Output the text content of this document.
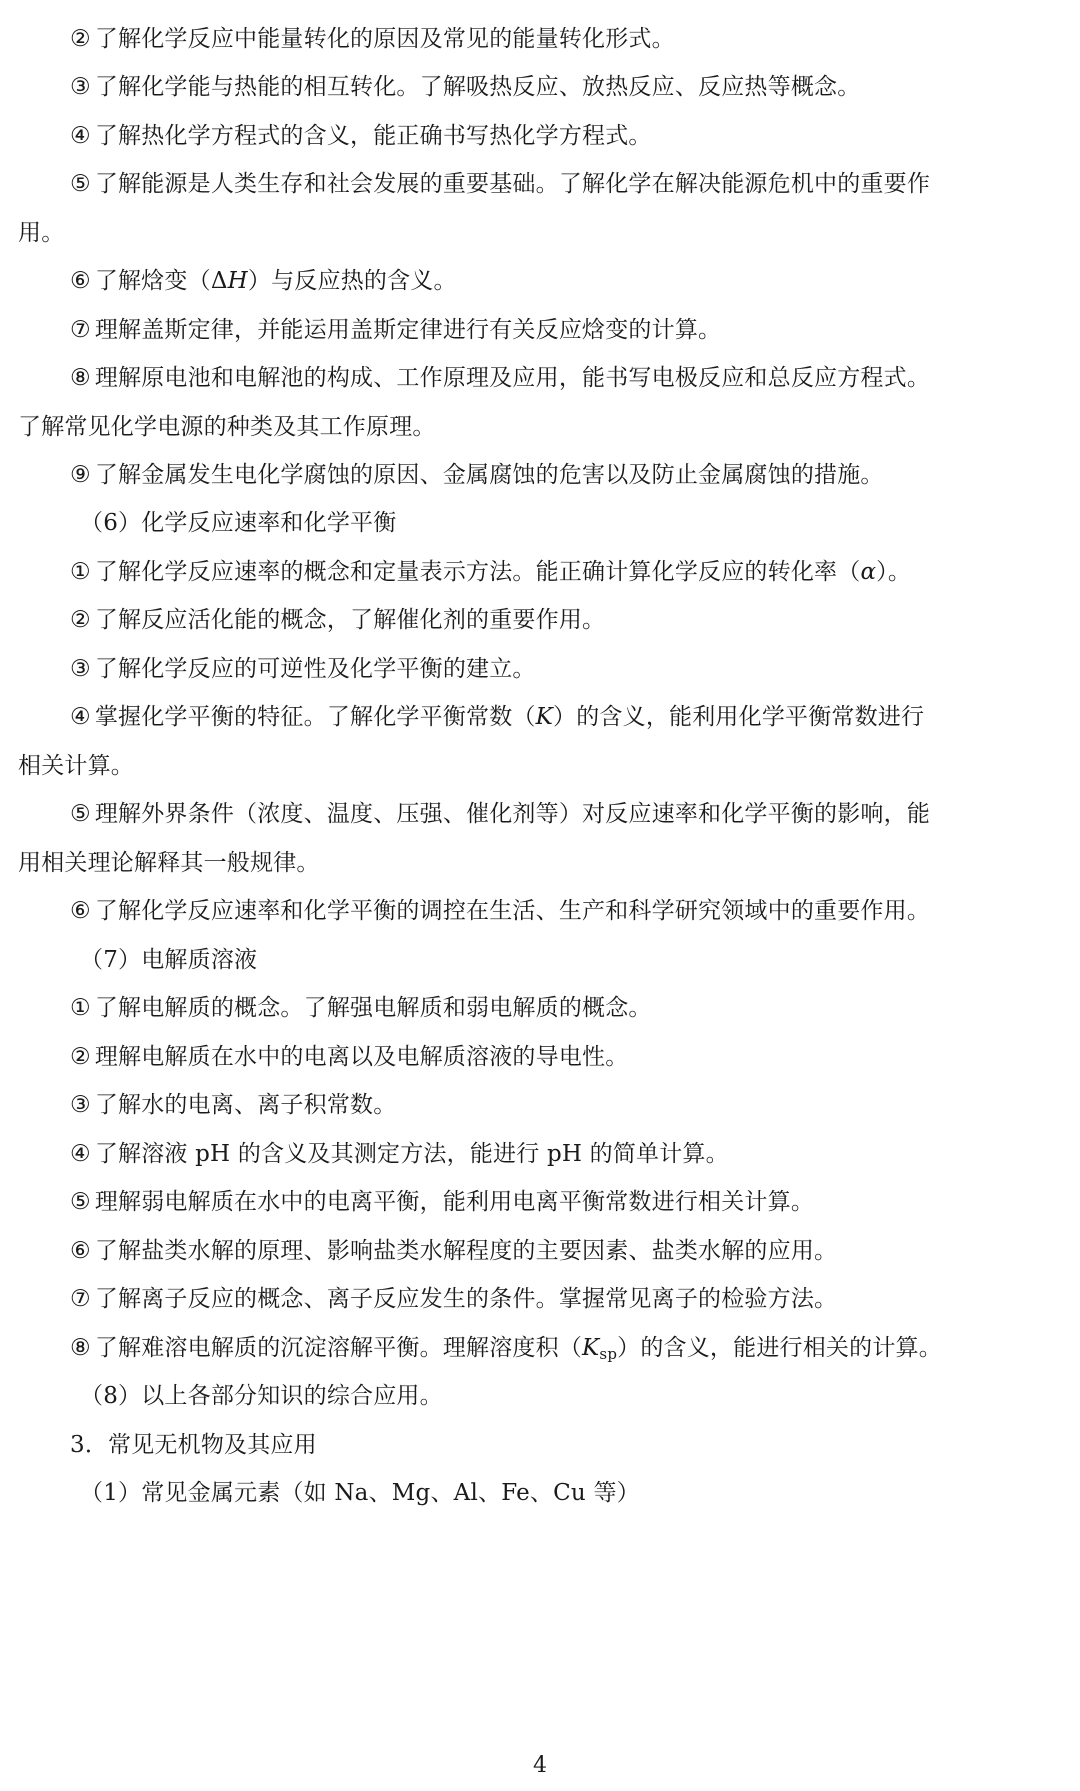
② 了解化学反应中能量转化的原因及常见的能量转化形式。
③ 了解化学能与热能的相互转化。了解吸热反应、放热反应、反应热等概念。
④ 了解热化学方程式的含义，能正确书写热化学方程式。
⑤ 了解能源是人类生存和社会发展的重要基础。了解化学在解决能源危机中的重要作
用。
⑥ 了解焓变（ΔH）与反应热的含义。
⑦ 理解盖斯定律，并能运用盖斯定律进行有关反应焓变的计算。
⑧ 理解原电池和电解池的构成、工作原理及应用，能书写电极反应和总反应方程式。
了解常见化学电源的种类及其工作原理。
⑨ 了解金属发生电化学腐蚀的原因、金属腐蚀的危害以及防止金属腐蚀的措施。
（6）化学反应速率和化学平衡
① 了解化学反应速率的概念和定量表示方法。能正确计算化学反应的转化率（α）。
② 了解反应活化能的概念，了解催化剂的重要作用。
③ 了解化学反应的可逆性及化学平衡的建立。
④ 掌握化学平衡的特征。了解化学平衡常数（K）的含义，能利用化学平衡常数进行
相关计算。
⑤ 理解外界条件（浓度、温度、压强、催化剂等）对反应速率和化学平衡的影响，能
用相关理论解释其一般规律。
⑥ 了解化学反应速率和化学平衡的调控在生活、生产和科学研究领域中的重要作用。
（7）电解质溶液
① 了解电解质的概念。了解强电解质和弱电解质的概念。
② 理解电解质在水中的电离以及电解质溶液的导电性。
③ 了解水的电离、离子积常数。
④ 了解溶液 pH 的含义及其测定方法，能进行 pH 的简单计算。
⑤ 理解弱电解质在水中的电离平衡，能利用电离平衡常数进行相关计算。
⑥ 了解盐类水解的原理、影响盐类水解程度的主要因素、盐类水解的应用。
⑦ 了解离子反应的概念、离子反应发生的条件。掌握常见离子的检验方法。
⑧ 了解难溶电解质的沉淀溶解平衡。理解溶度积$(K_{sp})$的含义，能进行相关的计算。
（8）以上各部分知识的综合应用。
3．常见无机物及其应用
（1）常见金属元素（如 Na、Mg、Al、Fe、Cu 等）
4
